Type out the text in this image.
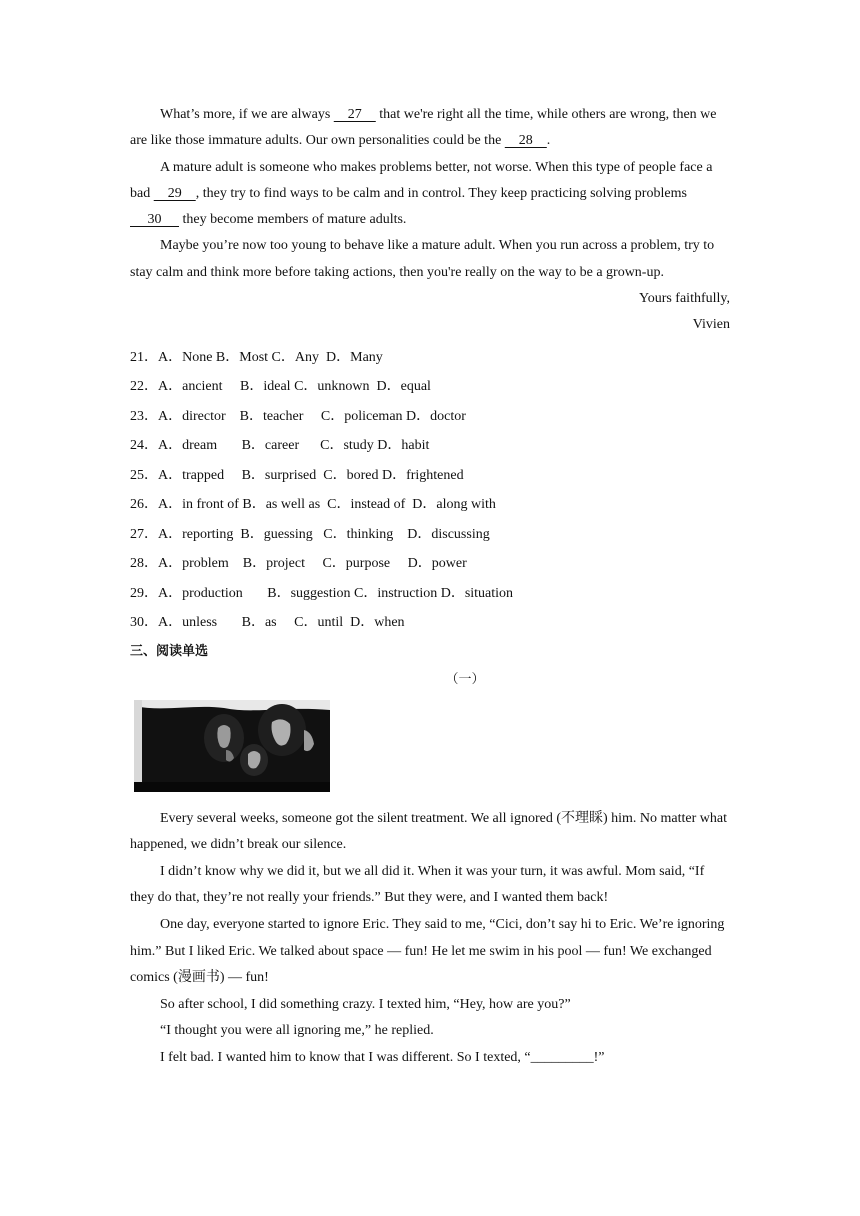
What’s more, if we are always     27     that we're right all the time, while others are wrong, then we are like those immature adults. Our own personalities could be the     28    .

A mature adult is someone who makes problems better, not worse. When this type of people face a bad     29    , they try to find ways to be calm and in control. They keep practicing solving problems      30      they become members of mature adults.

Maybe you’re now too young to behave like a mature adult. When you run across a problem, try to stay calm and think more before taking actions, then you're really on the way to be a grown-up.

Yours faithfully,

Vivien

21．A．None B．Most C．Any  D．Many
22．A．ancient     B．ideal C．unknown  D．equal
23．A．director    B．teacher     C．policeman D．doctor
24．A．dream       B．career      C．study D．habit
25．A．trapped     B．surprised  C．bored D．frightened
26．A．in front of B．as well as  C．instead of  D．along with
27．A．reporting  B．guessing   C．thinking    D．discussing
28．A．problem    B．project     C．purpose     D．power
29．A．production       B．suggestion C．instruction D．situation
30．A．unless       B．as     C．until  D．when
三、阅读单选
（一）

Every several weeks, someone got the silent treatment. We all ignored (不理睬) him. No matter what happened, we didn’t break our silence.

I didn’t know why we did it, but we all did it. When it was your turn, it was awful. Mom said, “If they do that, they’re not really your friends.” But they were, and I wanted them back!

One day, everyone started to ignore Eric. They said to me, “Cici, don’t say hi to Eric. We’re ignoring him.” But I liked Eric. We talked about space — fun! He let me swim in his pool — fun! We exchanged comics (漫画书) — fun!

So after school, I did something crazy. I texted him, “Hey, how are you?”

“I thought you were all ignoring me,” he replied.

I felt bad. I wanted him to know that I was different. So I texted, “_________!”
